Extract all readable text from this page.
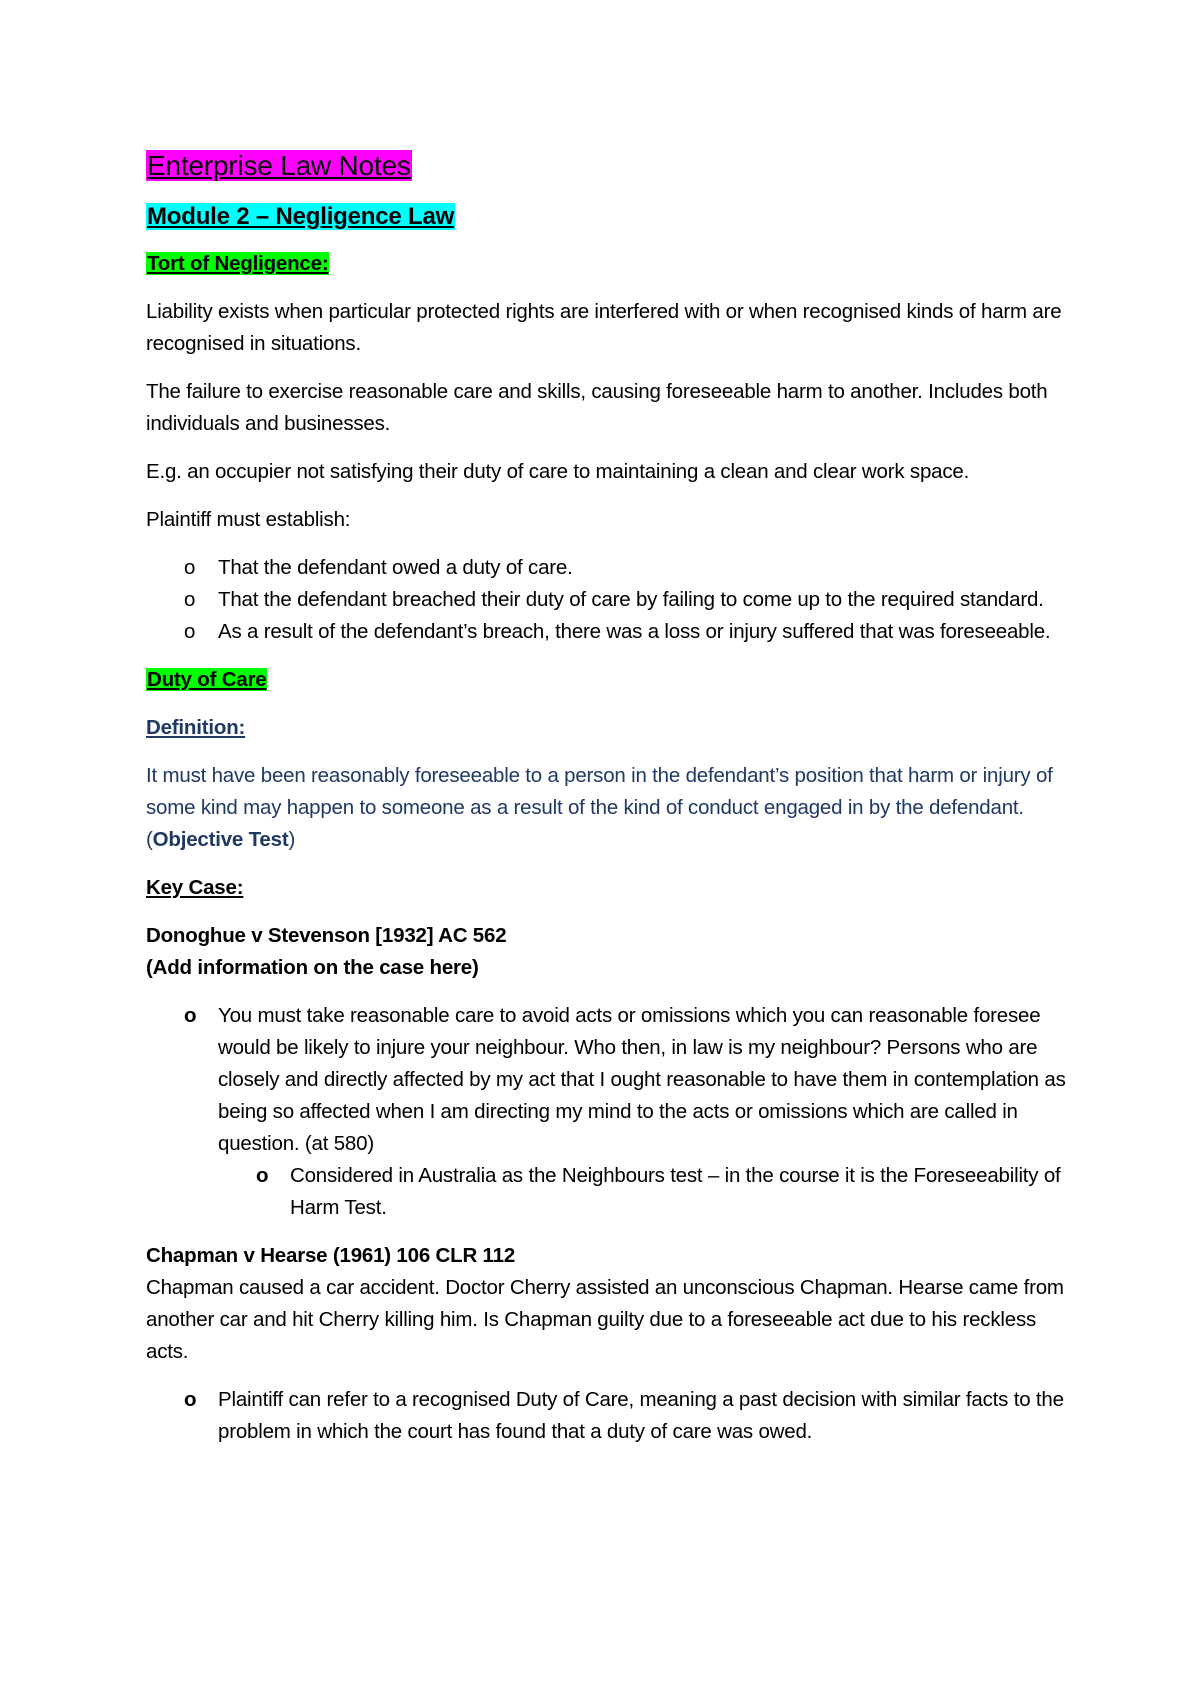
Enterprise Law Notes
Module 2 – Negligence Law
Tort of Negligence:

Liability exists when particular protected rights are interfered with or when recognised kinds of harm are recognised in situations.

The failure to exercise reasonable care and skills, causing foreseeable harm to another. Includes both individuals and businesses.

E.g. an occupier not satisfying their duty of care to maintaining a clean and clear work space.

Plaintiff must establish:

o That the defendant owed a duty of care.
o That the defendant breached their duty of care by failing to come up to the required standard.
o As a result of the defendant’s breach, there was a loss or injury suffered that was foreseeable.
Duty of Care
Definition:

It must have been reasonably foreseeable to a person in the defendant’s position that harm or injury of some kind may happen to someone as a result of the kind of conduct engaged in by the defendant. (Objective Test)

Key Case:
Donoghue v Stevenson [1932] AC 562
(Add information on the case here)
o You must take reasonable care to avoid acts or omissions which you can reasonable foresee would be likely to injure your neighbour. Who then, in law is my neighbour? Persons who are closely and directly affected by my act that I ought reasonable to have them in contemplation as being so affected when I am directing my mind to the acts or omissions which are called in question. (at 580)
o Considered in Australia as the Neighbours test – in the course it is the Foreseeability of Harm Test.
Chapman v Hearse (1961) 106 CLR 112

Chapman caused a car accident. Doctor Cherry assisted an unconscious Chapman. Hearse came from another car and hit Cherry killing him. Is Chapman guilty due to a foreseeable act due to his reckless acts.

o Plaintiff can refer to a recognised Duty of Care, meaning a past decision with similar facts to the problem in which the court has found that a duty of care was owed.
